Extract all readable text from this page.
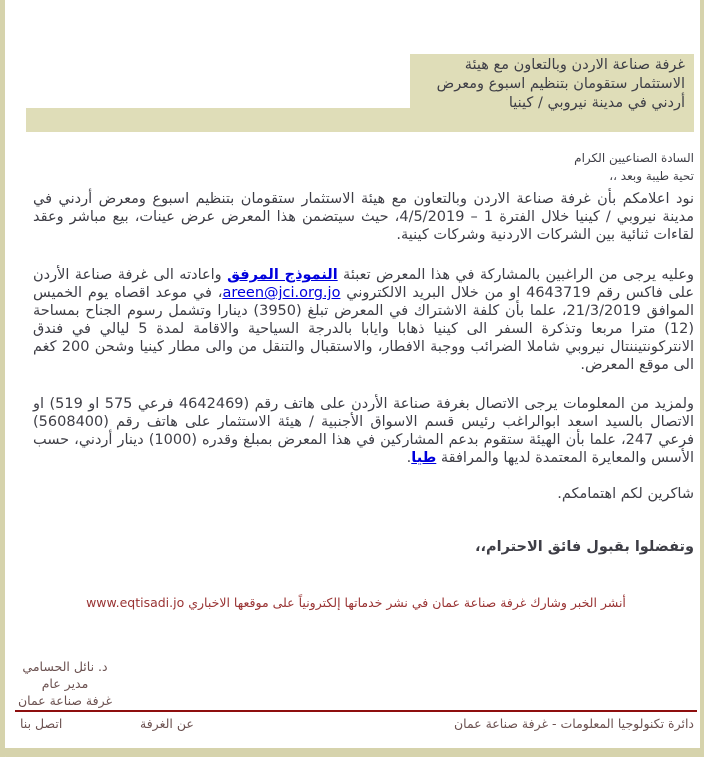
غرفة صناعة الاردن وبالتعاون مع هيئة الاستثمار ستقومان بتنظيم اسبوع ومعرض أردني في مدينة نيروبي / كينيا
السادة الصناعيين الكرام
تحية طيبة وبعد ،،
نود اعلامكم بأن غرفة صناعة الاردن وبالتعاون مع هيئة الاستثمار ستقومان بتنظيم اسبوع ومعرض أردني في مدينة نيروبي / كينيا خلال الفترة 1 – 4/5/2019، حيث سيتضمن هذا المعرض عرض عينات، بيع مباشر وعقد لقاءات ثنائية بين الشركات الاردنية وشركات كينية.
وعليه يرجى من الراغبين بالمشاركة في هذا المعرض تعبئة النموذج المرفق واعادته الى غرفة صناعة الأردن على فاكس رقم 4643719 او من خلال البريد الالكتروني areen@jci.org.jo، في موعد اقصاه يوم الخميس الموافق 21/3/2019، علما بأن كلفة الاشتراك في المعرض تبلغ (3950) دينارا وتشمل رسوم الجناح بمساحة (12) مترا مربعا وتذكرة السفر الى كينيا ذهابا وايابا بالدرجة السياحية والاقامة لمدة 5 ليالي في فندق الانتركونتيننتال نيروبي شاملا الضرائب ووجبة الافطار، والاستقبال والتنقل من والى مطار كينيا وشحن 200 كغم الى موقع المعرض.
ولمزيد من المعلومات يرجى الاتصال بغرفة صناعة الأردن على هاتف رقم (4642469 فرعي 575 او 519) او الاتصال بالسيد اسعد ابوالراغب رئيس قسم الاسواق الأجنبية / هيئة الاستثمار على هاتف رقم (5608400) فرعي 247، علما بأن الهيئة ستقوم بدعم المشاركين في هذا المعرض بمبلغ وقدره (1000) دينار أردني، حسب الأسس والمعايرة المعتمدة لديها والمرافقة طيا.
شاكرين لكم اهتمامكم.
وتفضلوا بقبول فائق الاحترام،،
أنشر الخبر وشارك غرفة صناعة عمان في نشر خدماتها إلكترونياً على موقعها الاخباري www.eqtisadi.jo
د. نائل الحسامي
مدير عام
غرفة صناعة عمان
اتصل بنا	عن الغرفة	دائرة تكنولوجيا المعلومات - غرفة صناعة عمان
